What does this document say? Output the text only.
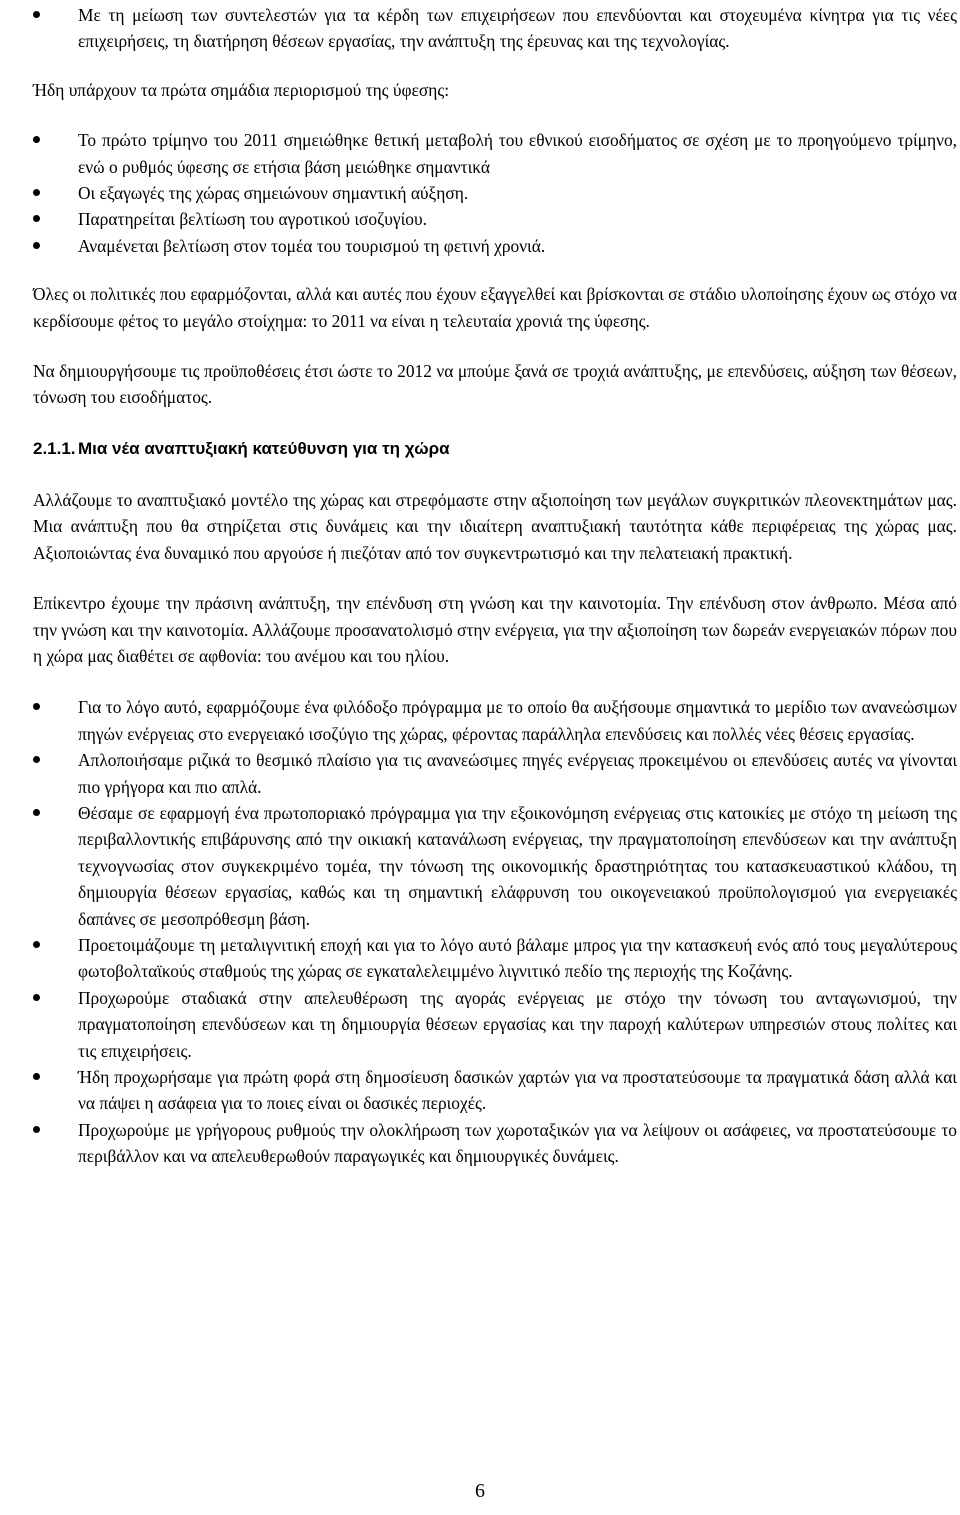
Με τη μείωση των συντελεστών για τα κέρδη των επιχειρήσεων που επενδύονται και στοχευμένα κίνητρα για τις νέες επιχειρήσεις, τη διατήρηση θέσεων εργασίας, την ανάπτυξη της έρευνας και της τεχνολογίας.

Ήδη υπάρχουν τα πρώτα σημάδια περιορισμού της ύφεσης:

Το πρώτο τρίμηνο του 2011 σημειώθηκε θετική μεταβολή του εθνικού εισοδήματος σε σχέση με το προηγούμενο τρίμηνο, ενώ ο ρυθμός ύφεσης σε ετήσια βάση μειώθηκε σημαντικά
Οι εξαγωγές της χώρας σημειώνουν σημαντική αύξηση.
Παρατηρείται βελτίωση του αγροτικού ισοζυγίου.
Αναμένεται βελτίωση στον τομέα του τουρισμού τη φετινή χρονιά.

Όλες οι πολιτικές που εφαρμόζονται, αλλά και αυτές που έχουν εξαγγελθεί και βρίσκονται σε στάδιο υλοποίησης έχουν ως στόχο να κερδίσουμε φέτος το μεγάλο στοίχημα: το 2011 να είναι η τελευταία χρονιά της ύφεσης.

Να δημιουργήσουμε τις προϋποθέσεις έτσι ώστε το 2012 να μπούμε ξανά σε τροχιά ανάπτυξης, με επενδύσεις, αύξηση των θέσεων, τόνωση του εισοδήματος.

2.1.1. Μια νέα αναπτυξιακή κατεύθυνση για τη χώρα

Αλλάζουμε το αναπτυξιακό μοντέλο της χώρας και στρεφόμαστε στην αξιοποίηση των μεγάλων συγκριτικών πλεονεκτημάτων μας. Μια ανάπτυξη που θα στηρίζεται στις δυνάμεις και την ιδιαίτερη αναπτυξιακή ταυτότητα κάθε περιφέρειας της χώρας μας. Αξιοποιώντας ένα δυναμικό που αργούσε ή πιεζόταν από τον συγκεντρωτισμό και την πελατειακή πρακτική.

Επίκεντρο έχουμε την πράσινη ανάπτυξη, την επένδυση στη γνώση και την καινοτομία. Την επένδυση στον άνθρωπο. Μέσα από την γνώση και την καινοτομία. Αλλάζουμε προσανατολισμό στην ενέργεια, για την αξιοποίηση των δωρεάν ενεργειακών πόρων που η χώρα μας διαθέτει σε αφθονία: του ανέμου και του ηλίου.

Για το λόγο αυτό, εφαρμόζουμε ένα φιλόδοξο πρόγραμμα με το οποίο θα αυξήσουμε σημαντικά το μερίδιο των ανανεώσιμων πηγών ενέργειας στο ενεργειακό ισοζύγιο της χώρας, φέροντας παράλληλα επενδύσεις και πολλές νέες θέσεις εργασίας.
Απλοποιήσαμε ριζικά το θεσμικό πλαίσιο για τις ανανεώσιμες πηγές ενέργειας προκειμένου οι επενδύσεις αυτές να γίνονται πιο γρήγορα και πιο απλά.
Θέσαμε σε εφαρμογή ένα πρωτοποριακό πρόγραμμα για την εξοικονόμηση ενέργειας στις κατοικίες με στόχο τη μείωση της περιβαλλοντικής επιβάρυνσης από την οικιακή κατανάλωση ενέργειας, την πραγματοποίηση επενδύσεων και την ανάπτυξη τεχνογνωσίας στον συγκεκριμένο τομέα, την τόνωση της οικονομικής δραστηριότητας του κατασκευαστικού κλάδου, τη δημιουργία θέσεων εργασίας, καθώς και τη σημαντική ελάφρυνση του οικογενειακού προϋπολογισμού για ενεργειακές δαπάνες σε μεσοπρόθεσμη βάση.
Προετοιμάζουμε τη μεταλιγνιτική εποχή και για το λόγο αυτό βάλαμε μπρος για την κατασκευή ενός από τους μεγαλύτερους φωτοβολταϊκούς σταθμούς της χώρας σε εγκαταλελειμμένο λιγνιτικό πεδίο της περιοχής της Κοζάνης.
Προχωρούμε σταδιακά στην απελευθέρωση της αγοράς ενέργειας με στόχο την τόνωση του ανταγωνισμού, την πραγματοποίηση επενδύσεων και τη δημιουργία θέσεων εργασίας και την παροχή καλύτερων υπηρεσιών στους πολίτες και τις επιχειρήσεις.
Ήδη προχωρήσαμε για πρώτη φορά στη δημοσίευση δασικών χαρτών για να προστατεύσουμε τα πραγματικά δάση αλλά και να πάψει η ασάφεια για το ποιες είναι οι δασικές περιοχές.
Προχωρούμε με γρήγορους ρυθμούς την ολοκλήρωση των χωροταξικών για να λείψουν οι ασάφειες, να προστατεύσουμε το περιβάλλον και να απελευθερωθούν παραγωγικές και δημιουργικές δυνάμεις.
6
